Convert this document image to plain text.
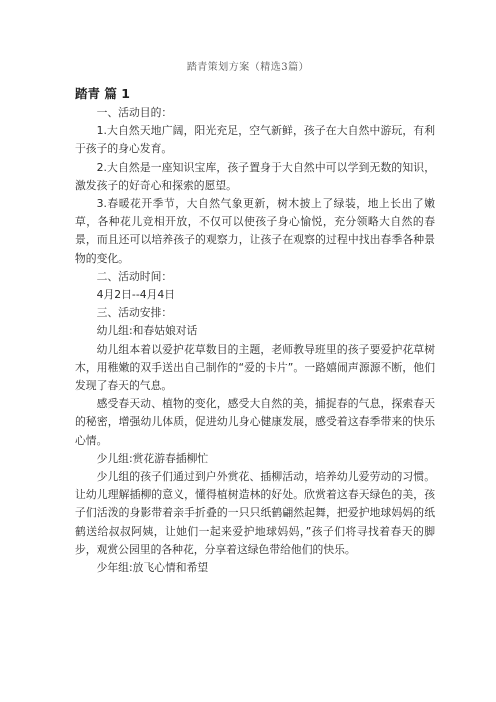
踏青策划方案（精选3篇）
踏青 篇 1

一、活动目的：

1.大自然天地广阔，阳光充足，空气新鲜，孩子在大自然中游玩，有利于孩子的身心发育。

2.大自然是一座知识宝库，孩子置身于大自然中可以学到无数的知识，激发孩子的好奇心和探索的愿望。

3.春暖花开季节，大自然气象更新，树木披上了绿装，地上长出了嫩草，各种花儿竞相开放，不仅可以使孩子身心愉悦，充分领略大自然的春景，而且还可以培养孩子的观察力，让孩子在观察的过程中找出春季各种景物的变化。

二、活动时间：

4月2日--4月4日

三、活动安排：

幼儿组:和春姑娘对话

幼儿组本着以爱护花草数目的主题，老师教导班里的孩子要爱护花草树木，用稚嫩的双手送出自己制作的“爱的卡片”。一路嬉闹声源源不断，他们发现了春天的气息。

感受春天动、植物的变化，感受大自然的美，捕捉春的气息，探索春天的秘密，增强幼儿体质，促进幼儿身心健康发展，感受着这春季带来的快乐心情。

少儿组:赏花游春插柳忙

少儿组的孩子们通过到户外赏花、插柳活动，培养幼儿爱劳动的习惯。让幼儿理解插柳的意义，懂得植树造林的好处。欣赏着这春天绿色的美，孩子们活泼的身影带着亲手折叠的一只只纸鹤翩然起舞，把爱护地球妈妈的纸鹤送给叔叔阿姨，让她们一起来爱护地球妈妈，”孩子们将寻找着春天的脚步，观赏公园里的各种花，分享着这绿色带给他们的快乐。

少年组:放飞心情和希望
